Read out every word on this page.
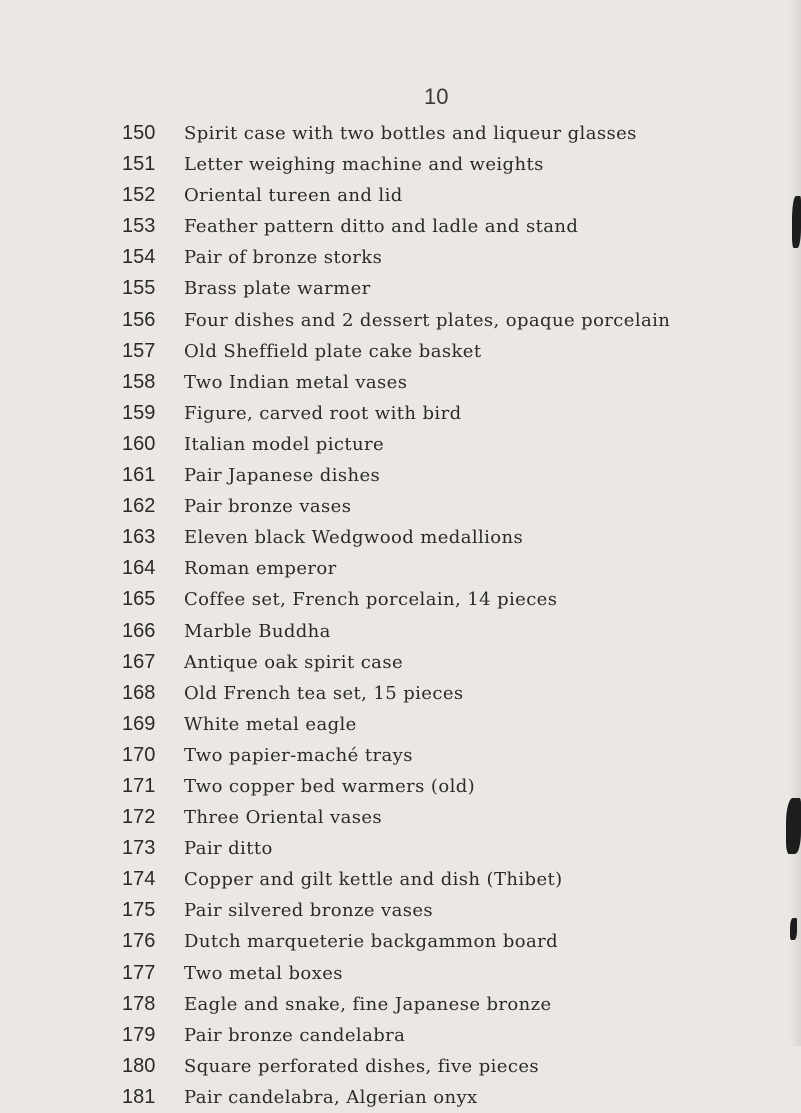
10
150	Spirit case with two bottles and liqueur glasses
151	Letter weighing machine and weights
152	Oriental tureen and lid
153	Feather pattern ditto and ladle and stand
154	Pair of bronze storks
155	Brass plate warmer
156	Four dishes and 2 dessert plates, opaque porcelain
157	Old Sheffield plate cake basket
158	Two Indian metal vases
159	Figure, carved root with bird
160	Italian model picture
161	Pair Japanese dishes
162	Pair bronze vases
163	Eleven black Wedgwood medallions
164	Roman emperor
165	Coffee set, French porcelain, 14 pieces
166	Marble Buddha
167	Antique oak spirit case
168	Old French tea set, 15 pieces
169	White metal eagle
170	Two papier-maché trays
171	Two copper bed warmers (old)
172	Three Oriental vases
173	Pair ditto
174	Copper and gilt kettle and dish (Thibet)
175	Pair silvered bronze vases
176	Dutch marqueterie backgammon board
177	Two metal boxes
178	Eagle and snake, fine Japanese bronze
179	Pair bronze candelabra
180	Square perforated dishes, five pieces
181	Pair candelabra, Algerian onyx
